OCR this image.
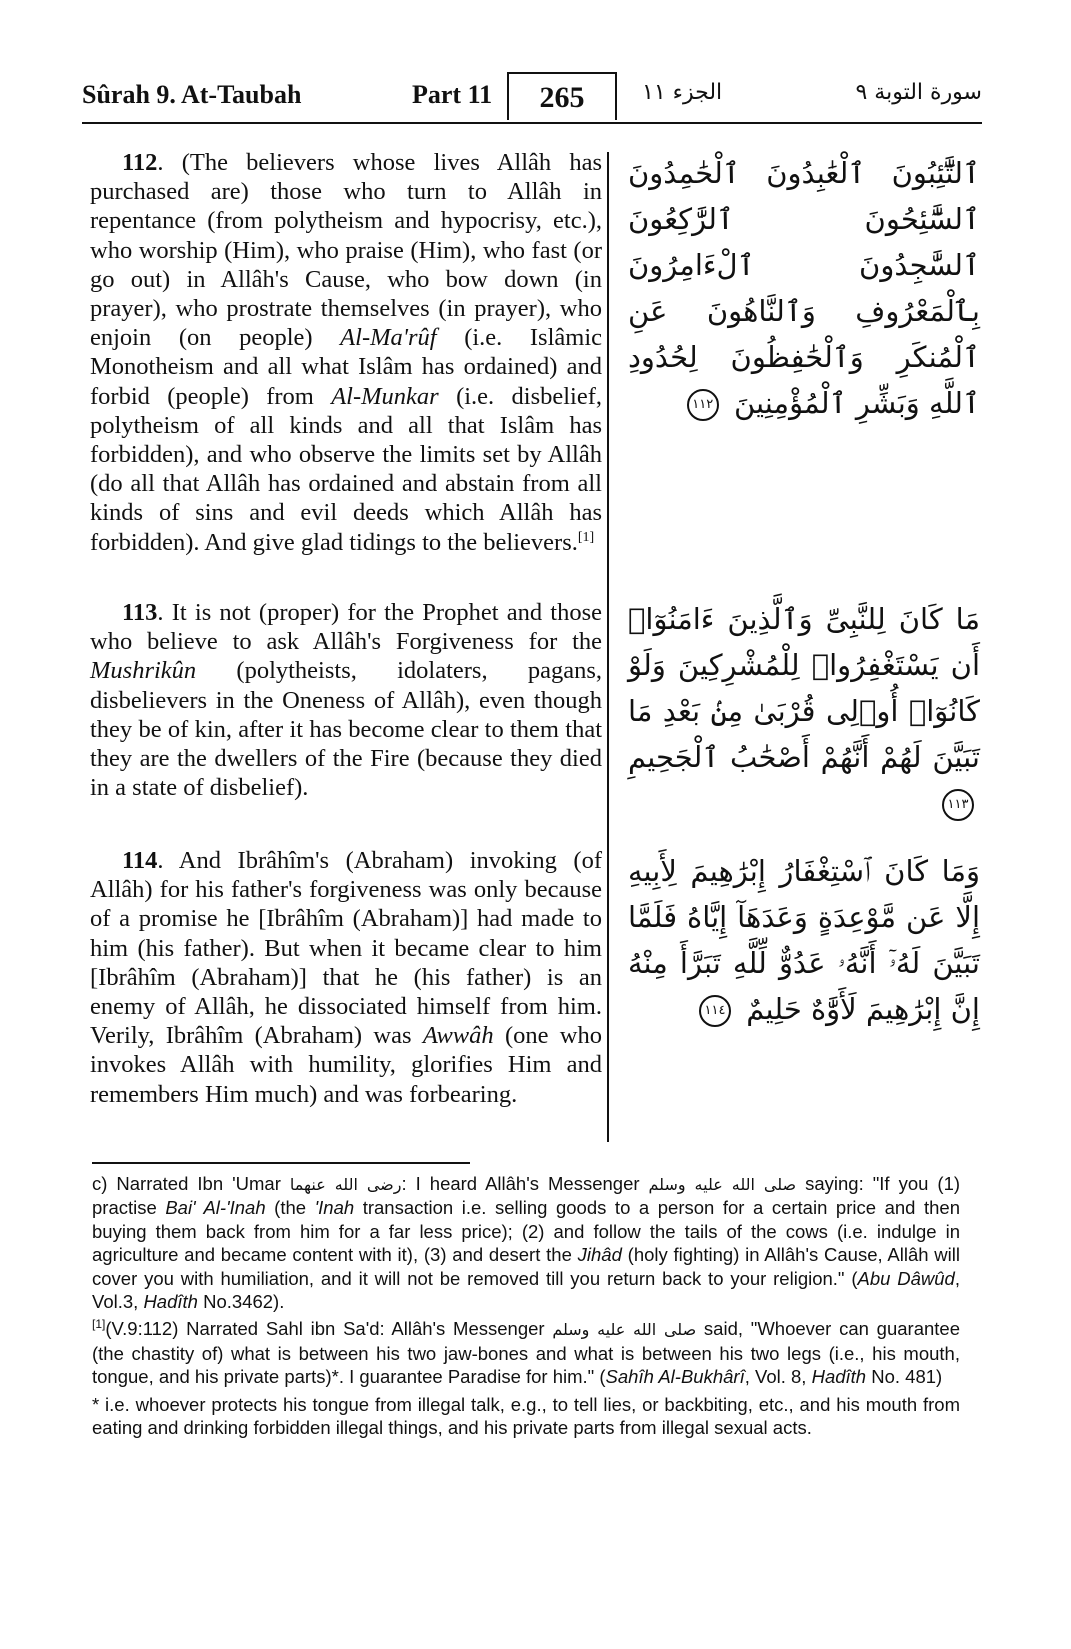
Sûrah 9. At-Taubah	Part 11	265	الجزء ١١	سورة التوبة ٩

112. (The believers whose lives Allâh has purchased are) those who turn to Allâh in repentance (from polytheism and hypocrisy, etc.), who worship (Him), who praise (Him), who fast (or go out) in Allâh's Cause, who bow down (in prayer), who prostrate themselves (in prayer), who enjoin (on people) Al-Ma'rûf (i.e. Islâmic Monotheism and all what Islâm has ordained) and forbid (people) from Al-Munkar (i.e. disbelief, polytheism of all kinds and all that Islâm has forbidden), and who observe the limits set by Allâh (do all that Allâh has ordained and abstain from all kinds of sins and evil deeds which Allâh has forbidden). And give glad tidings to the believers.[1]

ٱلتَّٰٓئِبُونَ ٱلْعَٰبِدُونَ ٱلْحَٰمِدُونَ ٱلسَّٰٓئِحُونَ ٱلرَّٰكِعُونَ ٱلسَّٰجِدُونَ ٱلْءَامِرُونَ بِٱلْمَعْرُوفِ وَٱلنَّاهُونَ عَنِ ٱلْمُنكَرِ وَٱلْحَٰفِظُونَ لِحُدُودِ ٱللَّهِ وَبَشِّرِ ٱلْمُؤْمِنِينَ ١١٢

113. It is not (proper) for the Prophet and those who believe to ask Allâh's Forgiveness for the Mushrikûn (polytheists, idolaters, pagans, disbelievers in the Oneness of Allâh), even though they be of kin, after it has become clear to them that they are the dwellers of the Fire (because they died in a state of disbelief).

مَا كَانَ لِلنَّبِىِّ وَٱلَّذِينَ ءَامَنُوٓا۟ أَن يَسْتَغْفِرُوا۟ لِلْمُشْرِكِينَ وَلَوْ كَانُوٓا۟ أُو۟لِى قُرْبَىٰ مِنۢ بَعْدِ مَا تَبَيَّنَ لَهُمْ أَنَّهُمْ أَصْحَٰبُ ٱلْجَحِيمِ ١١٣

114. And Ibrâhîm's (Abraham) invoking (of Allâh) for his father's forgiveness was only because of a promise he [Ibrâhîm (Abraham)] had made to him (his father). But when it became clear to him [Ibrâhîm (Abraham)] that he (his father) is an enemy of Allâh, he dissociated himself from him. Verily, Ibrâhîm (Abraham) was Awwâh (one who invokes Allâh with humility, glorifies Him and remembers Him much) and was forbearing.

وَمَا كَانَ ٱسْتِغْفَارُ إِبْرَٰهِيمَ لِأَبِيهِ إِلَّا عَن مَّوْعِدَةٍ وَعَدَهَآ إِيَّاهُ فَلَمَّا تَبَيَّنَ لَهُۥٓ أَنَّهُۥ عَدُوٌّ لِّلَّهِ تَبَرَّأَ مِنْهُ إِنَّ إِبْرَٰهِيمَ لَأَوَّٰهٌ حَلِيمٌ ١١٤

c) Narrated Ibn 'Umar رضى الله عنهما: I heard Allâh's Messenger صلى الله عليه وسلم saying: "If you (1) practise Bai' Al-'Inah (the 'Inah transaction i.e. selling goods to a person for a certain price and then buying them back from him for a far less price); (2) and follow the tails of the cows (i.e. indulge in agriculture and became content with it), (3) and desert the Jihâd (holy fighting) in Allâh's Cause, Allâh will cover you with humiliation, and it will not be removed till you return back to your religion." (Abu Dâwûd, Vol.3, Hadîth No.3462).

[1](V.9:112) Narrated Sahl ibn Sa'd: Allâh's Messenger صلى الله عليه وسلم said, "Whoever can guarantee (the chastity of) what is between his two jaw-bones and what is between his two legs (i.e., his mouth, tongue, and his private parts)*. I guarantee Paradise for him." (Sahîh Al-Bukhârî, Vol. 8, Hadîth No. 481)

* i.e. whoever protects his tongue from illegal talk, e.g., to tell lies, or backbiting, etc., and his mouth from eating and drinking forbidden illegal things, and his private parts from illegal sexual acts.
